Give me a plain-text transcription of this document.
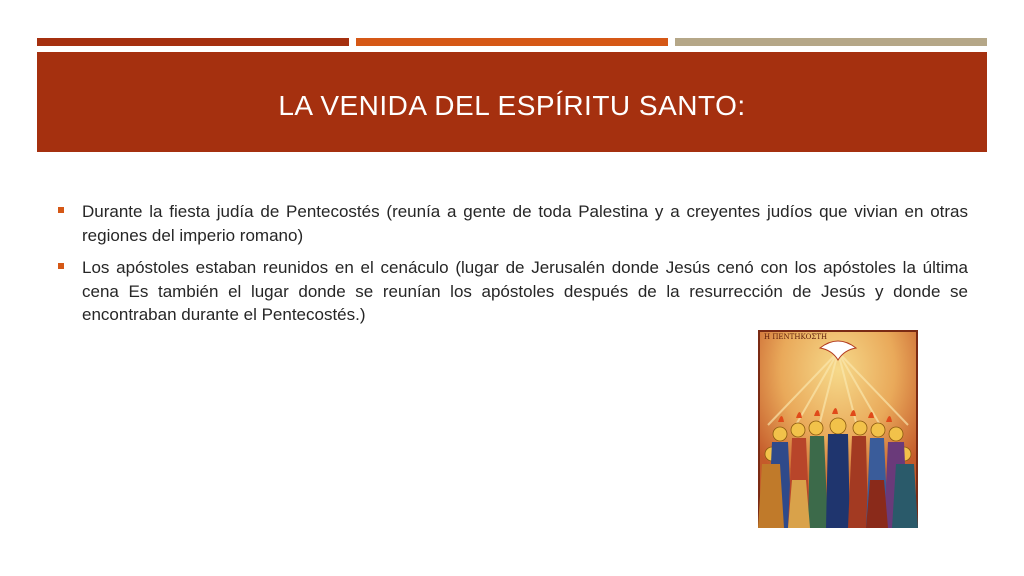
LA VENIDA DEL ESPÍRITU SANTO:
Durante la fiesta judía de Pentecostés (reunía a gente de toda Palestina y a creyentes judíos que vivian en otras regiones del imperio romano)
Los apóstoles estaban reunidos en el cenáculo (lugar de Jerusalén donde Jesús cenó con los apóstoles la última cena Es también el lugar donde se reunían los apóstoles después de la resurrección de Jesús y donde se encontraban durante el Pentecostés.)
Η ΠΕΝΤΗΚΟΣΤΗ
